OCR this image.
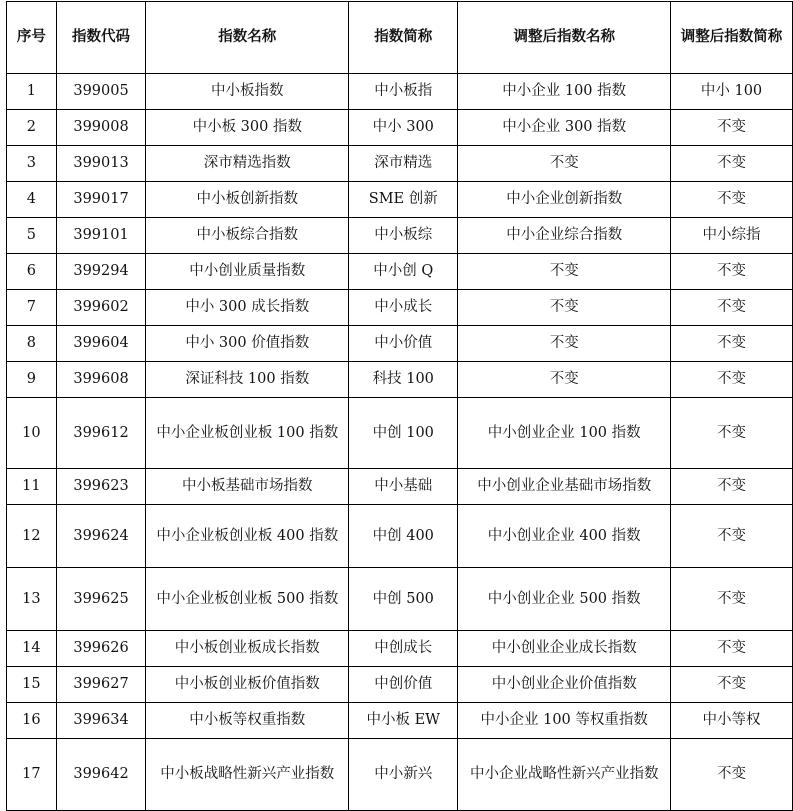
序号	指数代码	指数名称	指数简称	调整后指数名称	调整后指数简称
1	399005	中小板指数	中小板指	中小企业 100 指数	中小 100
2	399008	中小板 300 指数	中小 300	中小企业 300 指数	不变
3	399013	深市精选指数	深市精选	不变	不变
4	399017	中小板创新指数	SME 创新	中小企业创新指数	不变
5	399101	中小板综合指数	中小板综	中小企业综合指数	中小综指
6	399294	中小创业质量指数	中小创 Q	不变	不变
7	399602	中小 300 成长指数	中小成长	不变	不变
8	399604	中小 300 价值指数	中小价值	不变	不变
9	399608	深证科技 100 指数	科技 100	不变	不变
10	399612	中小企业板创业板 100 指数	中创 100	中小创业企业 100 指数	不变
11	399623	中小板基础市场指数	中小基础	中小创业企业基础市场指数	不变
12	399624	中小企业板创业板 400 指数	中创 400	中小创业企业 400 指数	不变
13	399625	中小企业板创业板 500 指数	中创 500	中小创业企业 500 指数	不变
14	399626	中小板创业板成长指数	中创成长	中小创业企业成长指数	不变
15	399627	中小板创业板价值指数	中创价值	中小创业企业价值指数	不变
16	399634	中小板等权重指数	中小板 EW	中小企业 100 等权重指数	中小等权
17	399642	中小板战略性新兴产业指数	中小新兴	中小企业战略性新兴产业指数	不变
